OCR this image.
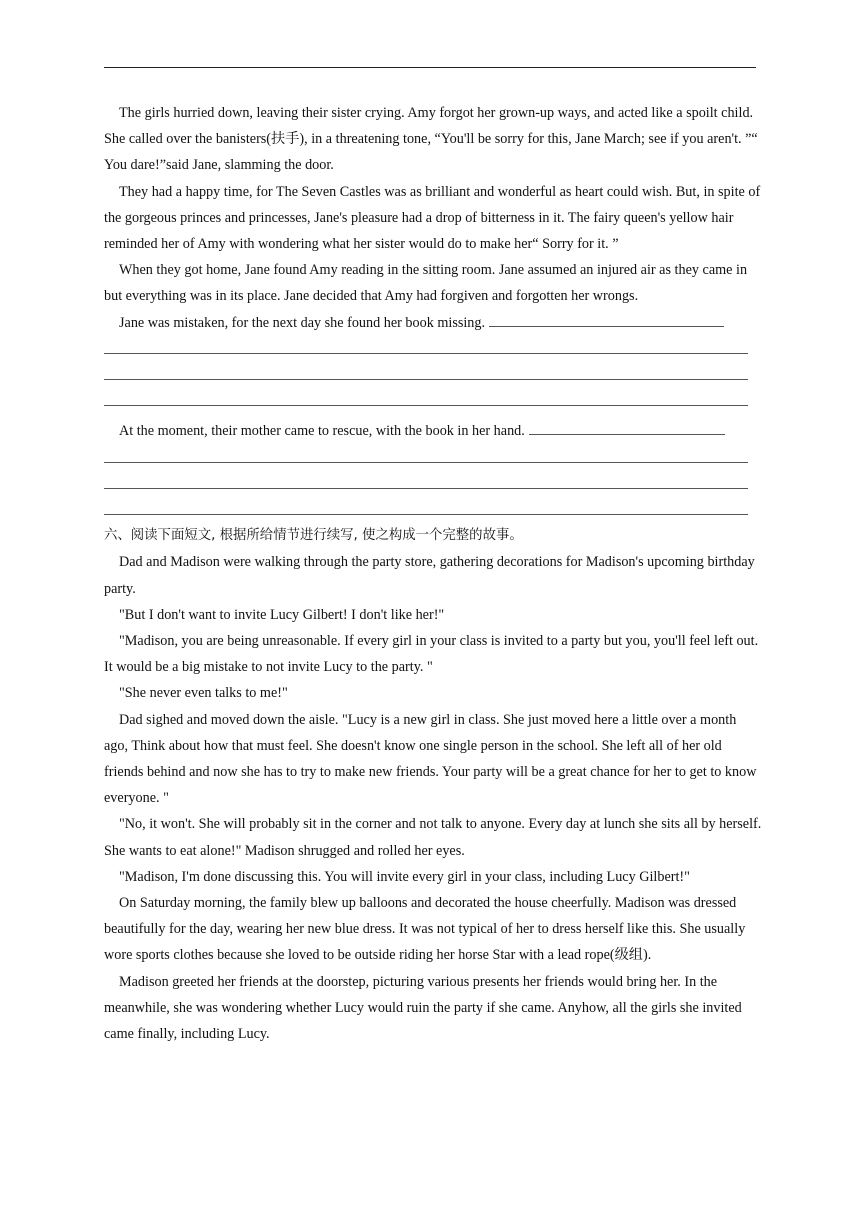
The girls hurried down, leaving their sister crying. Amy forgot her grown-up ways, and acted like a spoilt child. She called over the banisters(扶手), in a threatening tone, “You'll be sorry for this, Jane March; see if you aren't. ”“ You dare!”said Jane, slamming the door.

They had a happy time, for The Seven Castles was as brilliant and wonderful as heart could wish. But, in spite of the gorgeous princes and princesses, Jane's pleasure had a drop of bitterness in it. The fairy queen's yellow hair reminded her of Amy with wondering what her sister would do to make her“ Sorry for it. ”

When they got home, Jane found Amy reading in the sitting room. Jane assumed an injured air as they came in but everything was in its place. Jane decided that Amy had forgiven and forgotten her wrongs.

Jane was mistaken, for the next day she found her book missing.

At the moment, their mother came to rescue, with the book in her hand.

六、阅读下面短文, 根据所给情节进行续写, 使之构成一个完整的故事。

Dad and Madison were walking through the party store, gathering decorations for Madison's upcoming birthday party.

"But I don't want to invite Lucy Gilbert! I don't like her!"

"Madison, you are being unreasonable. If every girl in your class is invited to a party but you, you'll feel left out. It would be a big mistake to not invite Lucy to the party. "

"She never even talks to me!"

Dad sighed and moved down the aisle. "Lucy is a new girl in class. She just moved here a little over a month ago, Think about how that must feel. She doesn't know one single person in the school. She left all of her old friends behind and now she has to try to make new friends. Your party will be a great chance for her to get to know everyone. "

"No, it won't. She will probably sit in the corner and not talk to anyone. Every day at lunch she sits all by herself. She wants to eat alone!" Madison shrugged and rolled her eyes.

"Madison, I'm done discussing this. You will invite every girl in your class, including Lucy Gilbert!"

On Saturday morning, the family blew up balloons and decorated the house cheerfully. Madison was dressed beautifully for the day, wearing her new blue dress. It was not typical of her to dress herself like this. She usually wore sports clothes because she loved to be outside riding her horse Star with a lead rope(级组).

Madison greeted her friends at the doorstep, picturing various presents her friends would bring her. In the meanwhile, she was wondering whether Lucy would ruin the party if she came. Anyhow, all the girls she invited came finally, including Lucy.
